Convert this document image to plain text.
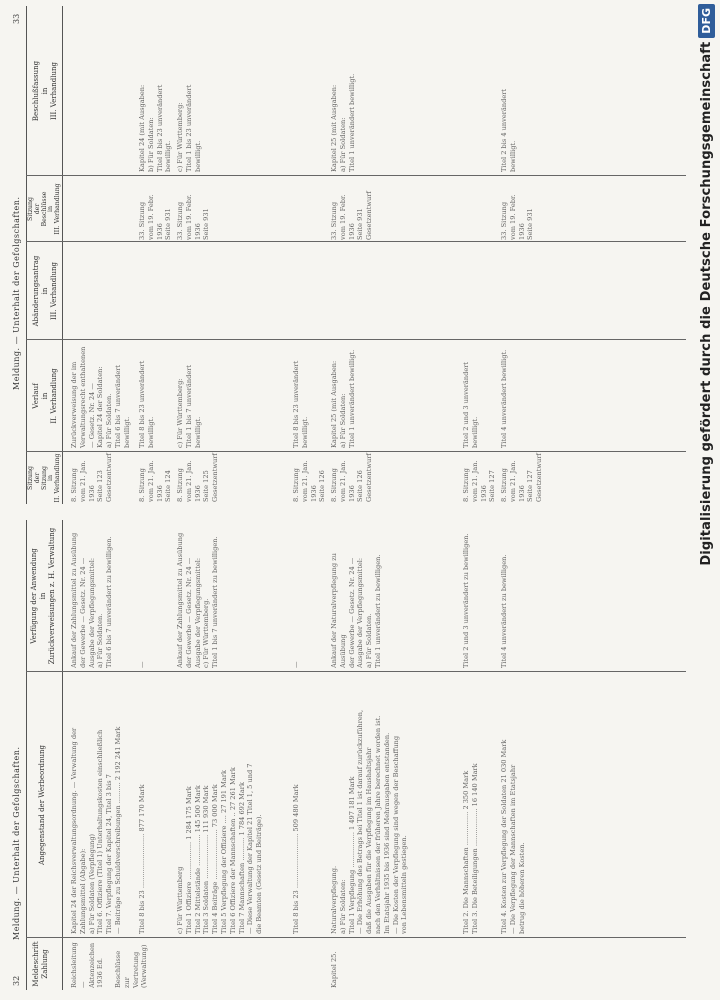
32
Meldung. — Unterhalt der Gefolgschaften.
Meldeschrift
Zahlung
Angegenstand der Werbeordnung
Verfügung der Anwendung
in
Zurückverweisungen z. H. Verwaltung
Reichsleitung —
Aktenzeichen
1936 Ed.

Beschlüsse
zur Vertretung
(Verwaltung)
Kapitel 24 der Reichsverwaltungsordnung. — Verwaltung der
Zahlungsmittel (Abgabe):
a) Für Soldaten (Verpflegung)
Titel 6. Offiziere (Titel 1) Unterhaltungskosten einschließlich
Titel 7. Verpflegung der Kapitel 24, Titel 3 bis 7
— Beiträge zu Schuldverschreibungen .......... 2 192 241 Mark
Ankauf der Zahlungsmittel zu Ausübung
der Gewerbe — Gesetz. Nr. 24 —
Ausgabe der Verpflegungsmittel:
a) Für Soldaten.
Titel 6 bis 7 unverändert zu bewilligen.
Titel 8 bis 23 .......................... 877 170 Mark
—
c) Für Württemberg
Titel 1 Offiziere .................. 1 284 175 Mark
Titel 2 Mittelstände ............... 145 500 Mark
Titel 3 Soldaten ..................... 111 930 Mark
Titel 4 Beiträge ........................ 73 000 Mark
Titel 5 Verpflegung der Offiziere .... 27 191 Mark
Titel 6 Offiziere der Mannschaften .. 27 261 Mark
Titel 7 Mannschaften ........... 1 784 692 Mark
— Diese Verwaltung der Kapitel 21 Titel 1, 5 und 7
die Beamten (Gesetz und Beiträge).
Ankauf der Zahlungsmittel zu Ausübung
der Gewerbe — Gesetz. Nr. 24 —
Ausgabe der Verpflegungsmittel:
c) Für Württemberg.
Titel 1 bis 7 unverändert zu bewilligen.
Titel 8 bis 23 .......................... 509 480 Mark
—
Kapitel 25.
Naturalverpflegung.
a) Für Soldaten:
Titel 1 Verpflegung ................. 1 497 181 Mark
— Die Erhöhung des Betrags bei Titel 1 ist darauf zurückzuführen,
daß die Ausgaben für die Verpflegung im Haushaltsjahr
nach den Verhältnissen der früheren Jahre berechnet worden ist.
Im Etatsjahr 1935 bis 1936 sind Mehrausgaben entstanden.
— Die Kosten der Verpflegung sind wegen der Beschaffung
von Lebensmitteln gestiegen.
Ankauf der Naturalverpflegung zu Ausübung
der Gewerbe — Gesetz. Nr. 24 —
Ausgabe der Verpflegungsmittel:
a) Für Soldaten.
Titel 1 unverändert zu bewilligen.
Titel 2. Die Mannschaften ................ 2 350 Mark
Titel 3. Die Beteiligungen .................. 16 140 Mark
Titel 2 und 3 unverändert zu bewilligen.
Titel 4. Kosten zur Verpflegung der Soldaten 21 030 Mark
— Die Verpflegung der Mannschaften im Etatsjahr
betrug die höheren Kosten.
Titel 4 unverändert zu bewilligen.
Meldung. — Unterhalt der Gefolgschaften.
33
Sitzung
der
Sitzung
in
II. Verhandlung
Verlauf
in
II. Verhandlung
Abänderungsantrag
in
III. Verhandlung
Sitzung
der
Beschlüsse
in
III. Verhandlung
Beschlußfassung
in
III. Verhandlung
8. Sitzung
vom 21. Jan.
1936
Seite 123
Gesetzentwurf
Zurückverweisung der im
Verwaltungsrecht enthaltenen
— Gesetz. Nr. 24 —
Kapitel 24 der Soldaten:
a) Für Soldaten.
Titel 6 bis 7 unverändert
bewilligt.
8. Sitzung
vom 21. Jan.
1936
Seite 124
Titel 8 bis 23 unverändert
bewilligt.
33. Sitzung
vom 19. Febr.
1936
Seite 931
Kapitel 24 (mit Ausgaben:
b) Für Soldaten:
Titel 8 bis 23 unverändert
bewilligt.
8. Sitzung
vom 21. Jan.
1936
Seite 125
Gesetzentwurf
c) Für Württemberg:
Titel 1 bis 7 unverändert
bewilligt.
33. Sitzung
vom 19. Febr.
1936
Seite 931
c) Für Württemberg:
Titel 1 bis 23 unverändert
bewilligt.
8. Sitzung
vom 21. Jan.
1936
Seite 126
Titel 8 bis 23 unverändert
bewilligt.
8. Sitzung
vom 21. Jan.
1936
Seite 126
Gesetzentwurf
Kapitel 25 (mit Ausgaben:
a) Für Soldaten:
Titel 1 unverändert bewilligt.
33. Sitzung
vom 19. Febr.
1936
Seite 931
Gesetzentwurf
Kapitel 25 (mit Ausgaben:
a) Für Soldaten:
Titel 1 unverändert bewilligt.
8. Sitzung
vom 21. Jan.
1936
Seite 127
Titel 2 und 3 unverändert
bewilligt.
8. Sitzung
vom 21. Jan.
1936
Seite 127
Gesetzentwurf
Titel 4 unverändert bewilligt.
33. Sitzung
vom 19. Febr.
1936
Seite 931
Titel 2 bis 4 unverändert
bewilligt.	Digitalisierung gefördert durch die Deutsche Forschungsgemeinschaft
DFG
